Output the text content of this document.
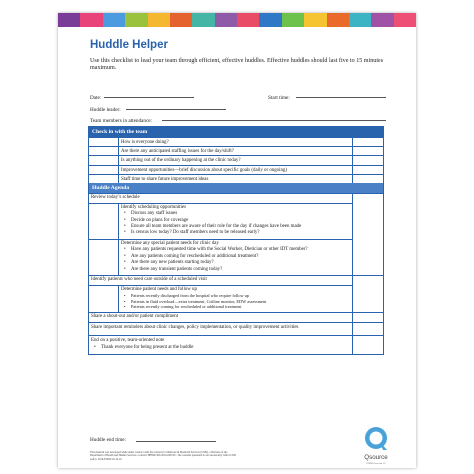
Huddle Helper
Use this checklist to lead your team through efficient, effective huddles. Effective huddles should last five to 15 minutes maximum.
Date:	Start time:
Huddle leader:
Team members in attendance:
Check in with the team
How is everyone doing?
Are there any anticipated staffing issues for the day/shift?
Is anything out of the ordinary happening at the clinic today?
Improvement opportunities—brief discussion about specific goals (daily or ongoing)
Staff time to share future improvement ideas
Huddle Agenda
Review today’s schedule
Identify scheduling opportunities
• Discuss any staff issues
• Decide on plans for coverage
• Ensure all team members are aware of their role for the day if changes have been made
• Is census low today? Do staff members need to be released early?
Determine any special patient needs for clinic day
• Have any patients requested time with the Social Worker, Dietician or other IDT member?
• Are any patients coming for rescheduled or additional treatment?
• Are there any new patients starting today?
• Are there any transient patients coming today?
Identify patients who need care outside of a scheduled visit
Determine patient needs and follow up
• Patients recently discharged from the hospital who require follow up
• Patients in fluid overload—extra treatment, Critline monitor, EDW assessment
• Patients recently coming for rescheduled or additional treatment
Share a shout-out and/or patient compliment
Share important reminders about clinic changes, policy implementation, or quality improvement activities
End on a positive, team-oriented note
• Thank everyone for being present at the huddle
Huddle end time:
This material was developed while under contract with the Centers for Medicare & Medicaid Services (CMS), a Division of the Department of Health and Human Services. Contract HHSM-500-2016-00015C. The contents presented do not necessarily reflect CMS policy. 2016-ESRD/16-10-16	Qsource
ESRD Network 10
